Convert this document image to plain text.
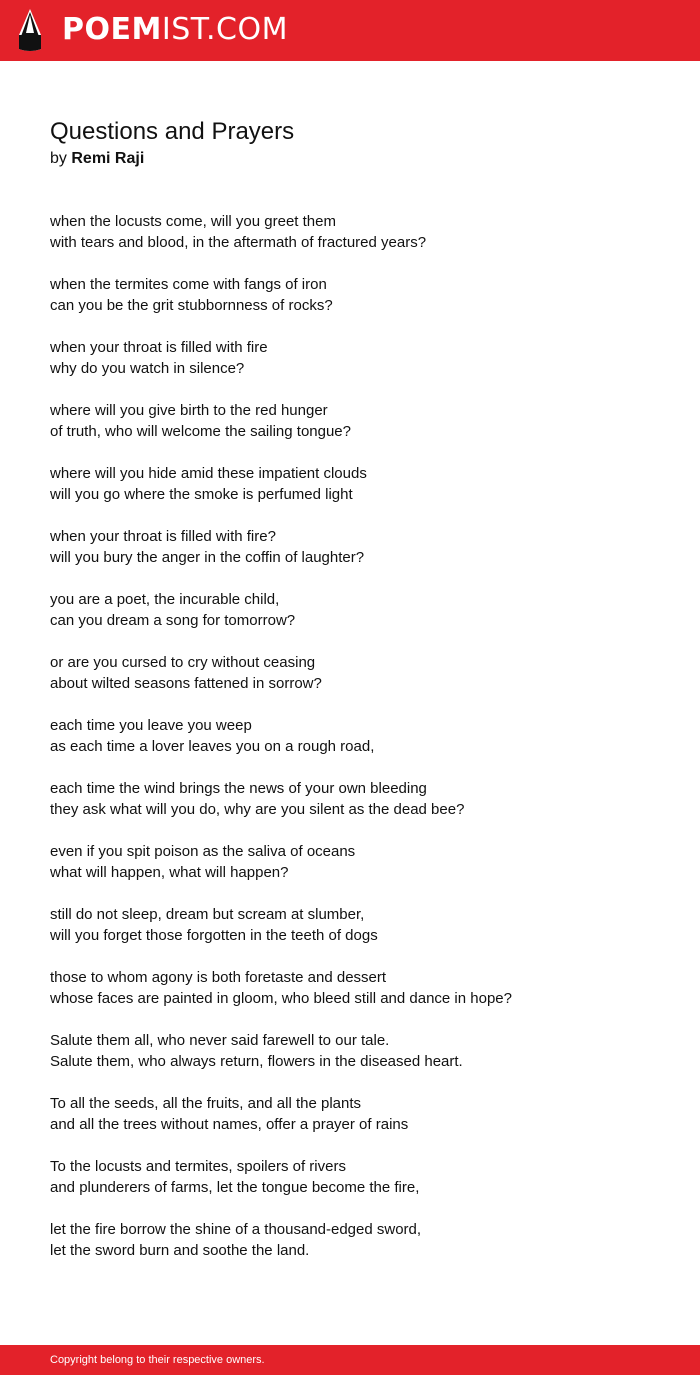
POEMIST.COM
Questions and Prayers
by Remi Raji

when the locusts come, will you greet them
with tears and blood, in the aftermath of fractured years?

when the termites come with fangs of iron
can you be the grit stubbornness of rocks?

when your throat is filled with fire
why do you watch in silence?

where will you give birth to the red hunger
of truth, who will welcome the sailing tongue?

where will you hide amid these impatient clouds
will you go where the smoke is perfumed light

when your throat is filled with fire?
will you bury the anger in the coffin of laughter?

you are a poet, the incurable child,
can you dream a song for tomorrow?

or are you cursed to cry without ceasing
about wilted seasons fattened in sorrow?

each time you leave you weep
as each time a lover leaves you on a rough road,

each time the wind brings the news of your own bleeding
they ask what will you do, why are you silent as the dead bee?

even if you spit poison as the saliva of oceans
what will happen, what will happen?

still do not sleep, dream but scream at slumber,
will you forget those forgotten in the teeth of dogs

those to whom agony is both foretaste and dessert
whose faces are painted in gloom, who bleed still and dance in hope?

Salute them all, who never said farewell to our tale.
Salute them, who always return, flowers in the diseased heart.

To all the seeds, all the fruits, and all the plants
and all the trees without names, offer a prayer of rains

To the locusts and termites, spoilers of rivers
and plunderers of farms, let the tongue become the fire,

let the fire borrow the shine of a thousand-edged sword,
let the sword burn and soothe the land.

Copyright belong to their respective owners.
